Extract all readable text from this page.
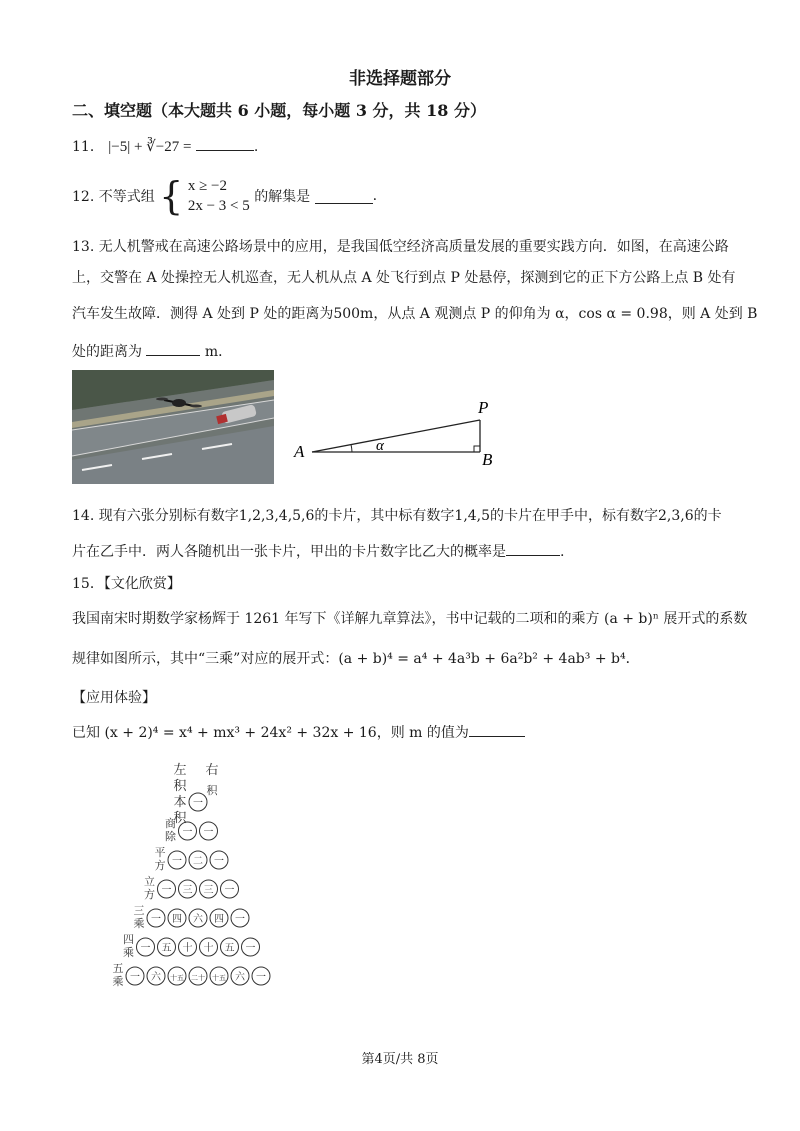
非选择题部分
二、填空题（本大题共 6 小题，每小题 3 分，共 18 分）
11． |−5| + ∛−27 =	.
12. 不等式组 { x ≥ −2
2x − 3 < 5
的解集是	.
13. 无人机警戒在高速公路场景中的应用，是我国低空经济高质量发展的重要实践方向．如图，在高速公路
上，交警在 A 处操控无人机巡查，无人机从点 A 处飞行到点 P 处悬停，探测到它的正下方公路上点 B 处有
汽车发生故障．测得 A 处到 P 处的距离为500m，从点 A 观测点 P 的仰角为 α，cos α = 0.98，则 A 处到 B
处的距离为	m．
A
P
B
α
14. 现有六张分别标有数字1,2,3,4,5,6的卡片，其中标有数字1,4,5的卡片在甲手中，标有数字2,3,6的卡
片在乙手中．两人各随机出一张卡片，甲出的卡片数字比乙大的概率是	.
15．【文化欣赏】
我国南宋时期数学家杨辉于 1261 年写下《详解九章算法》，书中记载的二项和的乘方 (a + b)ⁿ 展开式的系数
规律如图所示，其中“三乘”对应的展开式：(a + b)⁴ = a⁴ + 4a³b + 6a²b² + 4ab³ + b⁴．
【应用体验】
已知 (x + 2)⁴ = x⁴ + mx³ + 24x² + 32x + 16，则 m 的值为
左 右
积
积
本
积
一
一 一
商
除
一 二 一
平
方
一 三 三 一
立
方
一 四 六 四 一
三
乘
一 五 十 十 五 一
四
乘
一 六 十五 二十 十五 六 一
五
乘
第4页/共 8页
